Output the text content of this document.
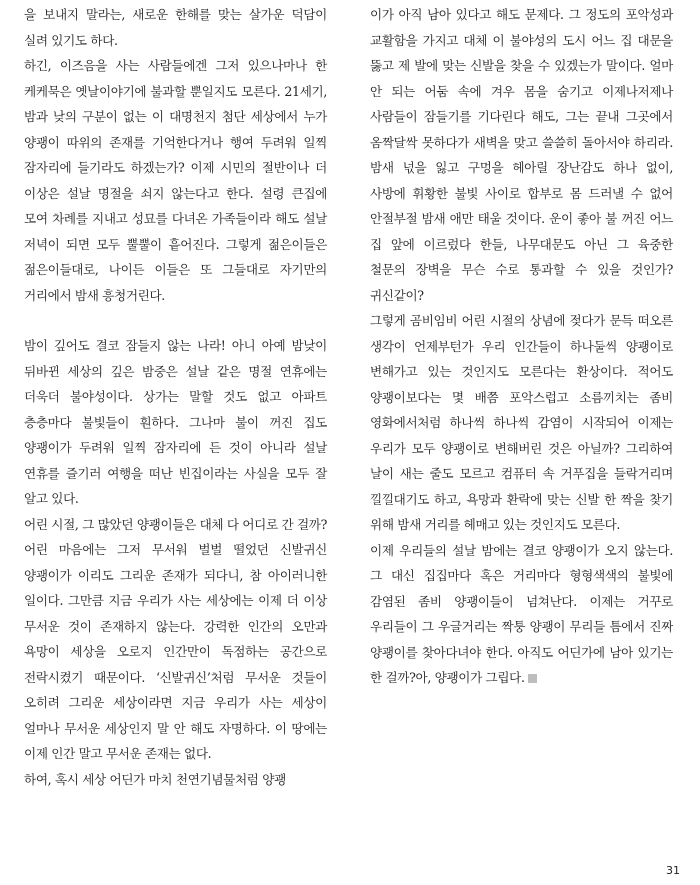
을 보내지 말라는, 새로운 한해를 맞는 살가운 덕담이 실려 있기도 하다.

하긴, 이즈음을 사는 사람들에겐 그저 있으나마나 한 케케묵은 옛날이야기에 불과할 뿐일지도 모른다. 21세기, 밤과 낮의 구분이 없는 이 대명천지 첨단 세상에서 누가 양괭이 따위의 존재를 기억한다거나 행여 두려워 일찍 잠자리에 들기라도 하겠는가? 이제 시민의 절반이나 더 이상은 설날 명절을 쇠지 않는다고 한다. 설령 큰집에 모여 차례를 지내고 성묘를 다녀온 가족들이라 해도 설날 저녁이 되면 모두 뿔뿔이 흩어진다. 그렇게 젊은이들은 젊은이들대로, 나이든 이들은 또 그들대로 자기만의 거리에서 밤새 흥청거린다.

밤이 깊어도 결코 잠들지 않는 나라! 아니 아예 밤낮이 뒤바뀐 세상의 깊은 밤중은 설날 같은 명절 연휴에는 더욱더 불야성이다. 상가는 말할 것도 없고 아파트 층층마다 불빛들이 훤하다. 그나마 불이 꺼진 집도 양괭이가 두려워 일찍 잠자리에 든 것이 아니라 설날 연휴를 즐기러 여행을 떠난 빈집이라는 사실을 모두 잘 알고 있다.

어린 시절, 그 많았던 양괭이들은 대체 다 어디로 간 걸까? 어린 마음에는 그저 무서워 벌벌 떨었던 신발귀신 양괭이가 이리도 그리운 존재가 되다니, 참 아이러니한 일이다. 그만큼 지금 우리가 사는 세상에는 이제 더 이상 무서운 것이 존재하지 않는다. 강력한 인간의 오만과 욕망이 세상을 오로지 인간만이 독점하는 공간으로 전락시켰기 때문이다. ‘신발귀신’처럼 무서운 것들이 오히려 그리운 세상이라면 지금 우리가 사는 세상이 얼마나 무서운 세상인지 말 안 해도 자명하다. 이 땅에는 이제 인간 말고 무서운 존재는 없다.

하여, 혹시 세상 어딘가 마치 천연기념물처럼 양괭

이가 아직 남아 있다고 해도 문제다. 그 정도의 포악성과 교활함을 가지고 대체 이 불야성의 도시 어느 집 대문을 뚫고 제 발에 맞는 신발을 찾을 수 있겠는가 말이다. 얼마 안 되는 어둠 속에 겨우 몸을 숨기고 이제나저제나 사람들이 잠들기를 기다린다 해도, 그는 끝내 그곳에서 옴짝달싹 못하다가 새벽을 맞고 쓸쓸히 돌아서야 하리라. 밤새 넋을 잃고 구멍을 헤아릴 장난감도 하나 없이, 사방에 휘황한 불빛 사이로 합부로 몸 드러낼 수 없어 안절부절 밤새 애만 태울 것이다. 운이 좋아 불 꺼진 어느 집 앞에 이르렀다 한들, 나무대문도 아닌 그 육중한 철문의 장벽을 무슨 수로 통과할 수 있을 것인가? 귀신같이?

그렇게 곰비임비 어린 시절의 상념에 젖다가 문득 떠오른 생각이 언제부턴가 우리 인간들이 하나둘씩 양괭이로 변해가고 있는 것인지도 모른다는 환상이다. 적어도 양괭이보다는 몇 배쯤 포악스럽고 소름끼치는 좀비 영화에서처럼 하나씩 하나씩 감염이 시작되어 이제는 우리가 모두 양괭이로 변해버린 것은 아닐까? 그리하여 날이 새는 줄도 모르고 컴퓨터 속 거푸집을 들락거리며 낄낄대기도 하고, 욕망과 환락에 맞는 신발 한 짝을 찾기 위해 밤새 거리를 헤매고 있는 것인지도 모른다.

이제 우리들의 설날 밤에는 결코 양괭이가 오지 않는다. 그 대신 집집마다 혹은 거리마다 형형색색의 불빛에 감염된 좀비 양괭이들이 넘쳐난다. 이제는 거꾸로 우리들이 그 우글거리는 짝퉁 양괭이 무리들 틈에서 진짜 양괭이를 찾아다녀야 한다. 아직도 어딘가에 남아 있기는 한 걸까?아, 양괭이가 그립다.

31
